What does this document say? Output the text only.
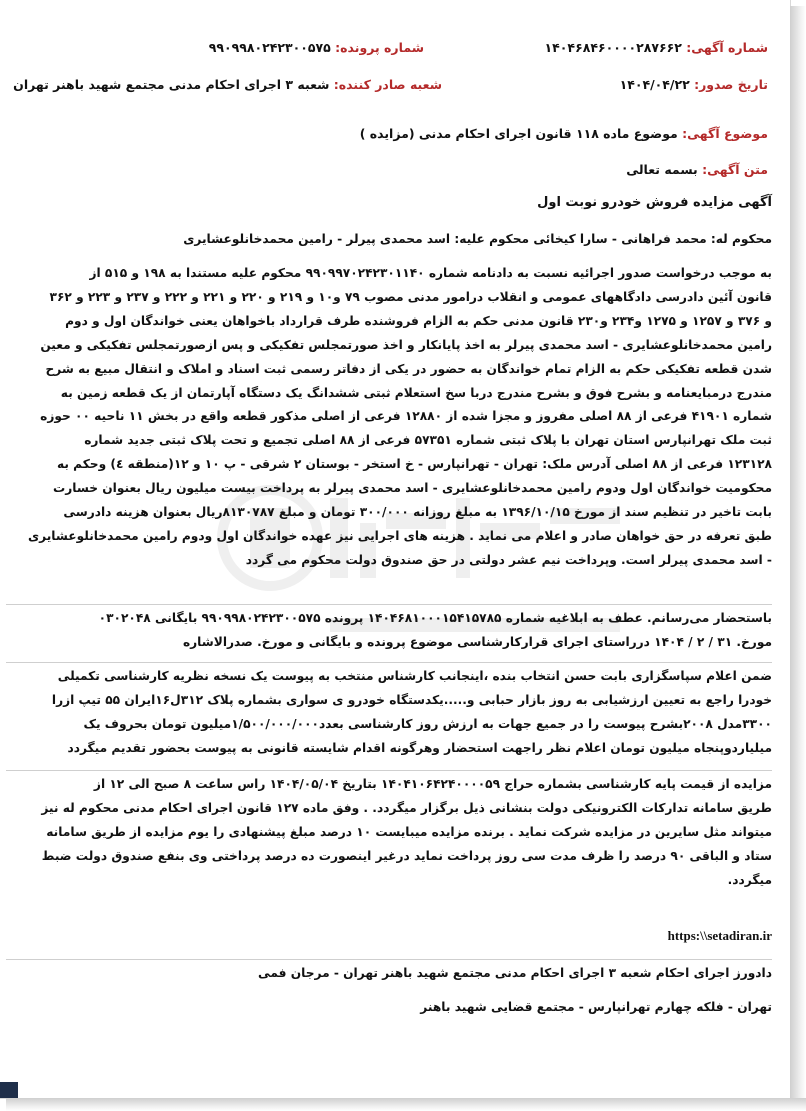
شماره آگهی: ۱۴۰۴۶۸۴۶۰۰۰۰۲۸۷۶۶۲
شماره پرونده: ۹۹۰۹۹۸۰۲۴۲۳۰۰۵۷۵
تاریخ صدور: ۱۴۰۴/۰۴/۲۲
شعبه صادر کننده: شعبه ۳ اجرای احکام مدنی مجتمع شهید باهنر تهران
موضوع آگهی: موضوع ماده ۱۱۸ قانون اجرای احکام مدنی (مزایده )
متن آگهی: بسمه تعالی
آگهی مزایده فروش خودرو نوبت اول
محکوم له: محمد فراهانی - سارا کیخائی محکوم علیه: اسد محمدی پیرلر - رامین محمدخانلوعشایری
به موجب درخواست صدور اجرائیه نسبت به دادنامه شماره ۹۹۰۹۹۷۰۲۴۲۳۰۱۱۴۰ محکوم علیه مستندا به ۱۹۸ و ۵۱۵ از
قانون آئین دادرسی دادگاههای عمومی و انقلاب درامور مدنی مصوب ۷۹ و۱۰ و ۲۱۹ و ۲۲۰ و ۲۲۱ و ۲۲۲ و ۲۳۷ و ۲۲۳ و ۳۶۲
و ۳۷۶ و ۱۲۵۷ و ۱۲۷۵ و۲۳۴ و۲۳۰ قانون مدنی حکم به الزام فروشنده طرف قرارداد باخواهان یعنی خواندگان اول و دوم
رامین محمدخانلوعشایری - اسد محمدی پیرلر به اخذ پایانکار و اخذ صورتمجلس تفکیکی و پس ازصورتمجلس تفکیکی و معین
شدن قطعه تفکیکی حکم به الزام تمام خواندگان به حضور در یکی از دفاتر رسمی ثبت اسناد و املاک و انتقال مبیع به شرح
مندرج درمبایعنامه و بشرح فوق و بشرح مندرج دربا سخ استعلام ثبتی ششدانگ یک دستگاه آپارتمان از یک قطعه زمین به
شماره ۴۱۹۰۱ فرعی از ۸۸ اصلی مفروز و مجزا شده از ۱۲۸۸۰ فرعی از اصلی مذکور قطعه واقع در بخش ۱۱ ناحیه ۰۰ حوزه
ثبت ملک تهرانپارس استان تهران با پلاک ثبتی شماره ۵۷۳۵۱ فرعی از ۸۸ اصلی تجمیع و تحت پلاک ثبتی جدید شماره
۱۲۳۱۲۸ فرعی از ۸۸ اصلی آدرس ملک: تهران - تهرانپارس - خ استخر - بوستان ۲ شرقی - پ ۱۰ و ۱۲(منطقه ٤) وحکم به
محکومیت خواندگان اول ودوم رامین محمدخانلوعشایری - اسد محمدی پیرلر به پرداخت بیست میلیون ریال بعنوان خسارت
بابت تاخیر در تنظیم سند از مورخ ۱۳۹۶/۱۰/۱۵ به مبلغ روزانه ۳۰۰/۰۰۰ تومان و مبلغ ۸۱۳۰۷۸۷ریال بعنوان هزینه دادرسی
طبق تعرفه در حق خواهان صادر و اعلام می نماید . هزینه های اجرایی نیز عهده خواندگان اول ودوم رامین محمدخانلوعشایری
- اسد محمدی پیرلر است. وپرداخت نیم عشر دولتی در حق صندوق دولت محکوم می گردد
باستحضار می‌رسانم. عطف به ابلاغیه شماره ۱۴۰۴۶۸۱۰۰۰۱۵۴۱۵۷۸۵ پرونده ۹۹۰۹۹۸۰۲۴۲۳۰۰۵۷۵ بایگانی ۰۳۰۲۰۴۸
مورخ. ۳۱ / ۲ / ۱۴۰۴ درراستای اجرای قرارکارشناسی موضوع پرونده و بایگانی و مورخ. صدرالاشاره
ضمن اعلام سپاسگزاری بابت حسن انتخاب بنده ،اینجانب کارشناس منتخب به پیوست یک نسخه نظریه کارشناسی تکمیلی
خودرا راجع به تعیین ارزشیابی به روز بازار حبابی و.....یکدستگاه خودرو ی سواری بشماره پلاک ۳۱۲ل۱۶ایران ۵۵ تیپ ازرا
۳۳۰۰مدل ۲۰۰۸بشرح پیوست را در جمیع جهات به ارزش روز کارشناسی بعدد۱/۵۰۰/۰۰۰/۰۰۰میلیون تومان بحروف یک
میلیاردوپنجاه میلیون تومان اعلام نظر راجهت استحضار وهرگونه اقدام شایسته قانونی به پیوست بحضور تقدیم میگردد
مزایده از قیمت پایه کارشناسی بشماره حراج ۱۴۰۴۱۰۶۴۲۴۰۰۰۰۵۹ بتاریخ ۱۴۰۴/۰۵/۰۴ راس ساعت ۸ صبح الی ۱۲ از
طریق سامانه تدارکات الکترونیکی دولت بنشانی ذیل برگزار میگردد. . وفق ماده ۱۲۷ قانون اجرای احکام مدنی محکوم له نیز
میتواند مثل سایرین در مزایده شرکت نماید . برنده مزایده میبایست ۱۰ درصد مبلغ پیشنهادی را یوم مزایده از طریق سامانه
ستاد و الباقی ۹۰ درصد را ظرف مدت سی روز پرداخت نماید درغیر اینصورت ده درصد پرداختی وی بنفع صندوق دولت ضبط
میگردد.
https:\\setadiran.ir
دادورز اجرای احکام شعبه ۳ اجرای احکام مدنی مجتمع شهید باهنر تهران - مرجان فمی
تهران - فلکه چهارم تهرانپارس - مجتمع قضایی شهید باهنر
